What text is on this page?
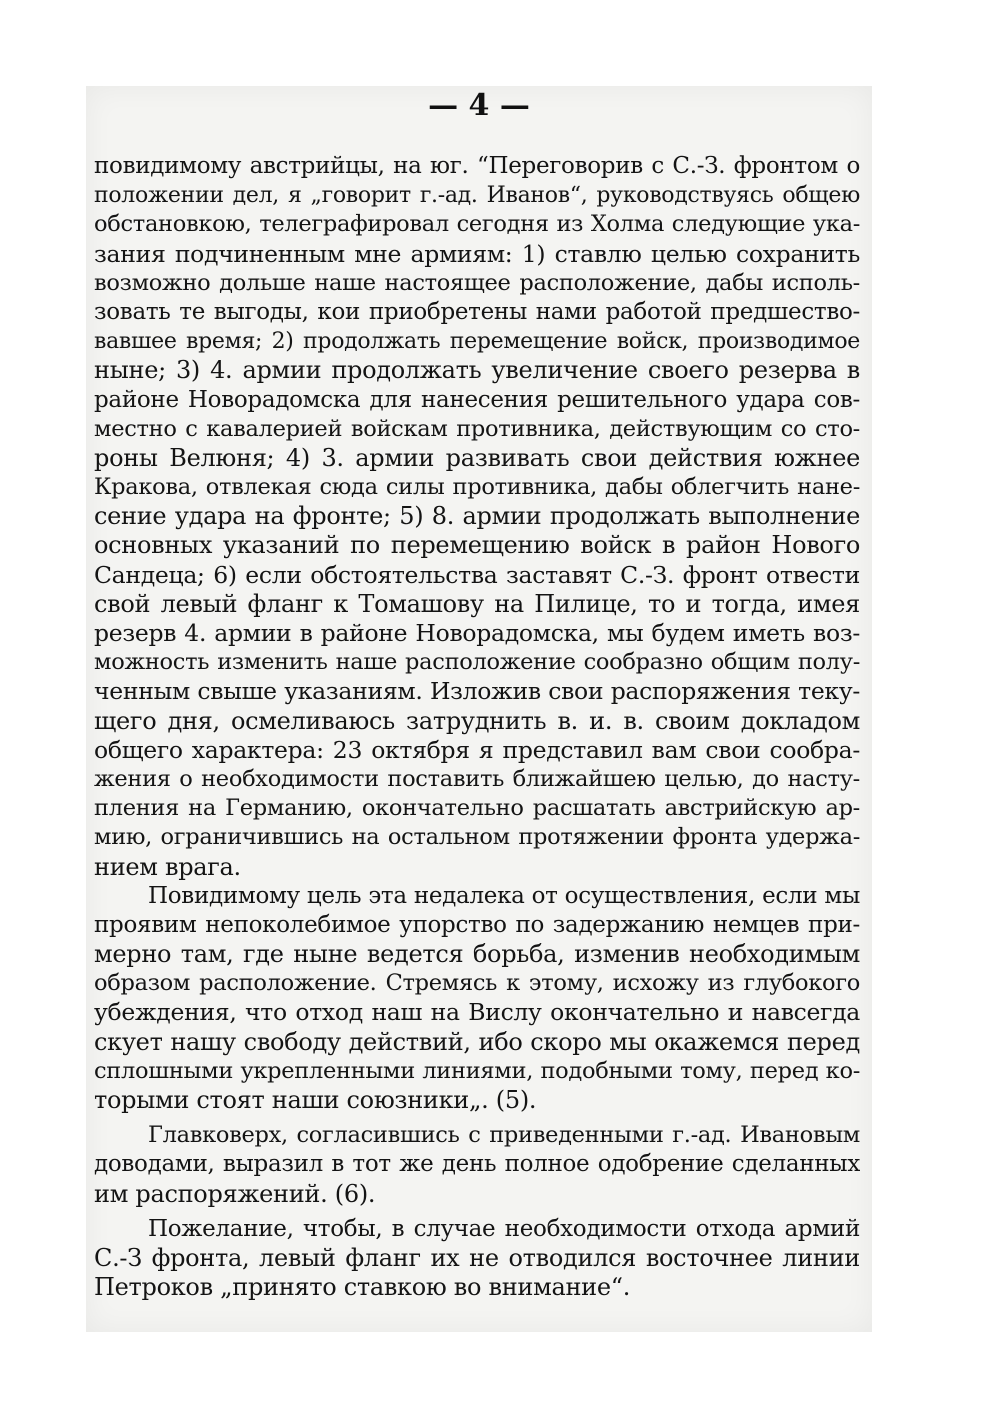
— 4 —
повидимому австрийцы, на юг. “Переговорив с С.-З. фронтом о
положении дел, я „говорит г.-ад. Иванов“, руководствуясь общею
обстановкою, телеграфировал сегодня из Холма следующие ука-
зания подчиненным мне армиям: 1) ставлю целью сохранить
возможно дольше наше настоящее расположение, дабы исполь-
зовать те выгоды, кои приобретены нами работой предшество-
вавшее время; 2) продолжать перемещение войск, производимое
ныне; 3) 4. армии продолжать увеличение своего резерва в
районе Новорадомска для нанесения решительного удара сов-
местно с кавалерией войскам противника, действующим со сто-
роны Велюня; 4) 3. армии развивать свои действия южнее
Кракова, отвлекая сюда силы противника, дабы облегчить нане-
сение удара на фронте; 5) 8. армии продолжать выполнение
основных указаний по перемещению войск в район Нового
Сандеца; 6) если обстоятельства заставят С.-З. фронт отвести
свой левый фланг к Томашову на Пилице, то и тогда, имея
резерв 4. армии в районе Новорадомска, мы будем иметь воз-
можность изменить наше расположение сообразно общим полу-
ченным свыше указаниям. Изложив свои распоряжения теку-
щего дня, осмеливаюсь затруднить в. и. в. своим докладом
общего характера: 23 октября я представил вам свои сообра-
жения о необходимости поставить ближайшею целью, до насту-
пления на Германию, окончательно расшатать австрийскую ар-
мию, ограничившись на остальном протяжении фронта удержа-
нием врага.
Повидимому цель эта недалека от осуществления, если мы
проявим непоколебимое упорство по задержанию немцев при-
мерно там, где ныне ведется борьба, изменив необходимым
образом расположение. Стремясь к этому, исхожу из глубокого
убеждения, что отход наш на Вислу окончательно и навсегда
скует нашу свободу действий, ибо скоро мы окажемся перед
сплошными укрепленными линиями, подобными тому, перед ко-
торыми стоят наши союзники„. (5).
Главковерх, согласившись с приведенными г.-ад. Ивановым
доводами, выразил в тот же день полное одобрение сделанных
им распоряжений. (6).
Пожелание, чтобы, в случае необходимости отхода армий
С.-З фронта, левый фланг их не отводился восточнее линии
Петроков „принято ставкою во внимание“.
